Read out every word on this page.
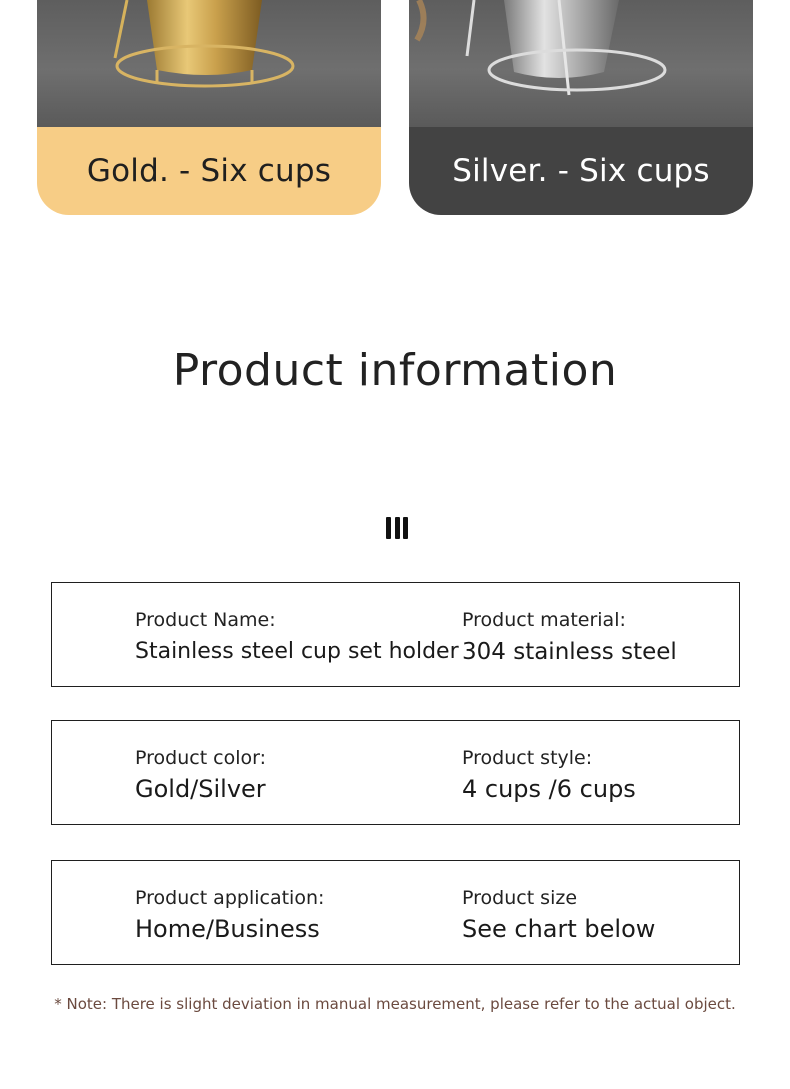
Gold. - Six cups	Silver. - Six cups
Product information
Product Name:
Stainless steel cup set holder
Product material:
304 stainless steel
Product color:
Gold/Silver
Product style:
4 cups /6 cups
Product application:
Home/Business
Product size
See chart below
* Note: There is slight deviation in manual measurement, please refer to the actual object.
